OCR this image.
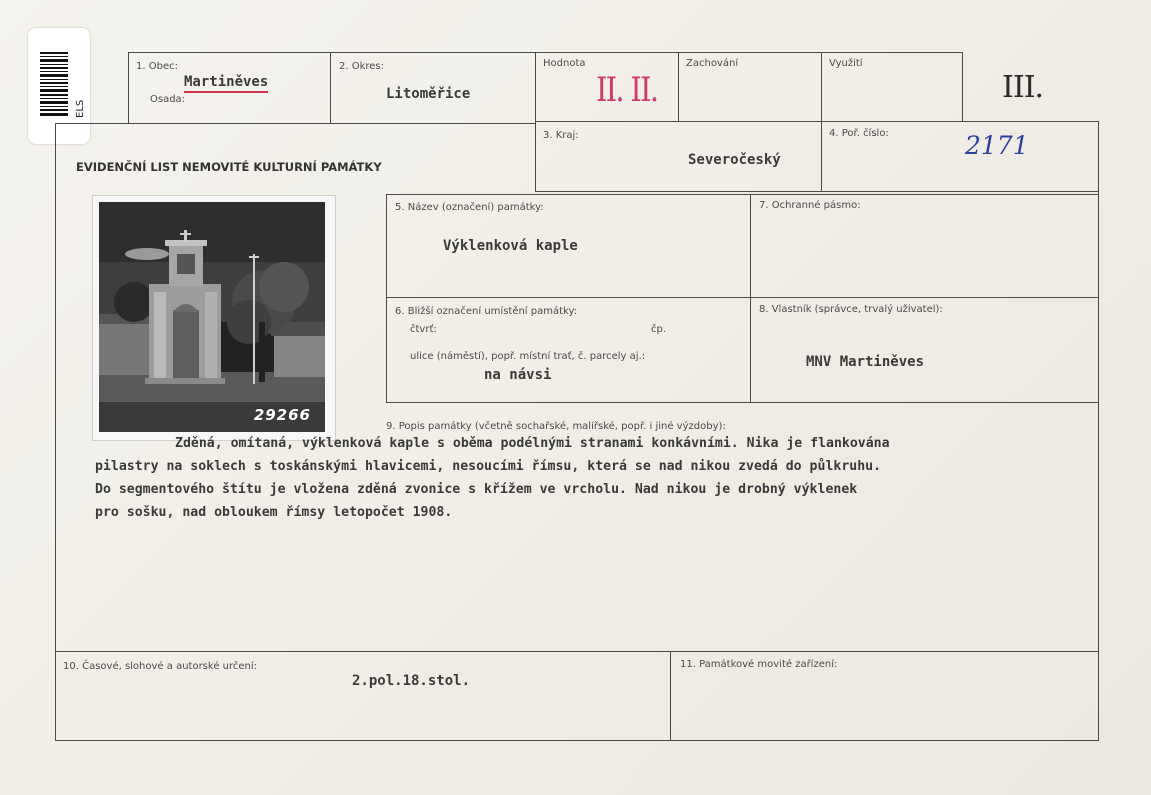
ELS
1. Obec:
Martiněves
Osada:
2. Okres:
Litoměřice
Hodnota
II. II.
Zachování	Využití
III.
EVIDENČNÍ LIST NEMOVITÉ KULTURNÍ PAMÁTKY
3. Kraj:
Severočeský
4. Poř. číslo:	2171
29266
5. Název (označení) památky:
Výklenková kaple
7. Ochranné pásmo:
6. Bližší označení umístění památky:
čtvrť:	čp.
ulice (náměstí), popř. místní trať, č. parcely aj.:
na návsi
8. Vlastník (správce, trvalý uživatel):
MNV Martiněves
9. Popis památky (včetně sochařské, malířské, popř. i jiné výzdoby):
Zděná, omítaná, výklenková kaple s oběma podélnými stranami konkávními. Nika je flankována
pilastry na soklech s toskánskými hlavicemi, nesoucími římsu, která se nad nikou zvedá do půlkruhu.
Do segmentového štítu je vložena zděná zvonice s křížem ve vrcholu. Nad nikou je drobný výklenek
pro sošku, nad obloukem římsy letopočet 1908.
10. Časové, slohové a autorské určení:
2.pol.18.stol.
11. Památkové movité zařízení:
